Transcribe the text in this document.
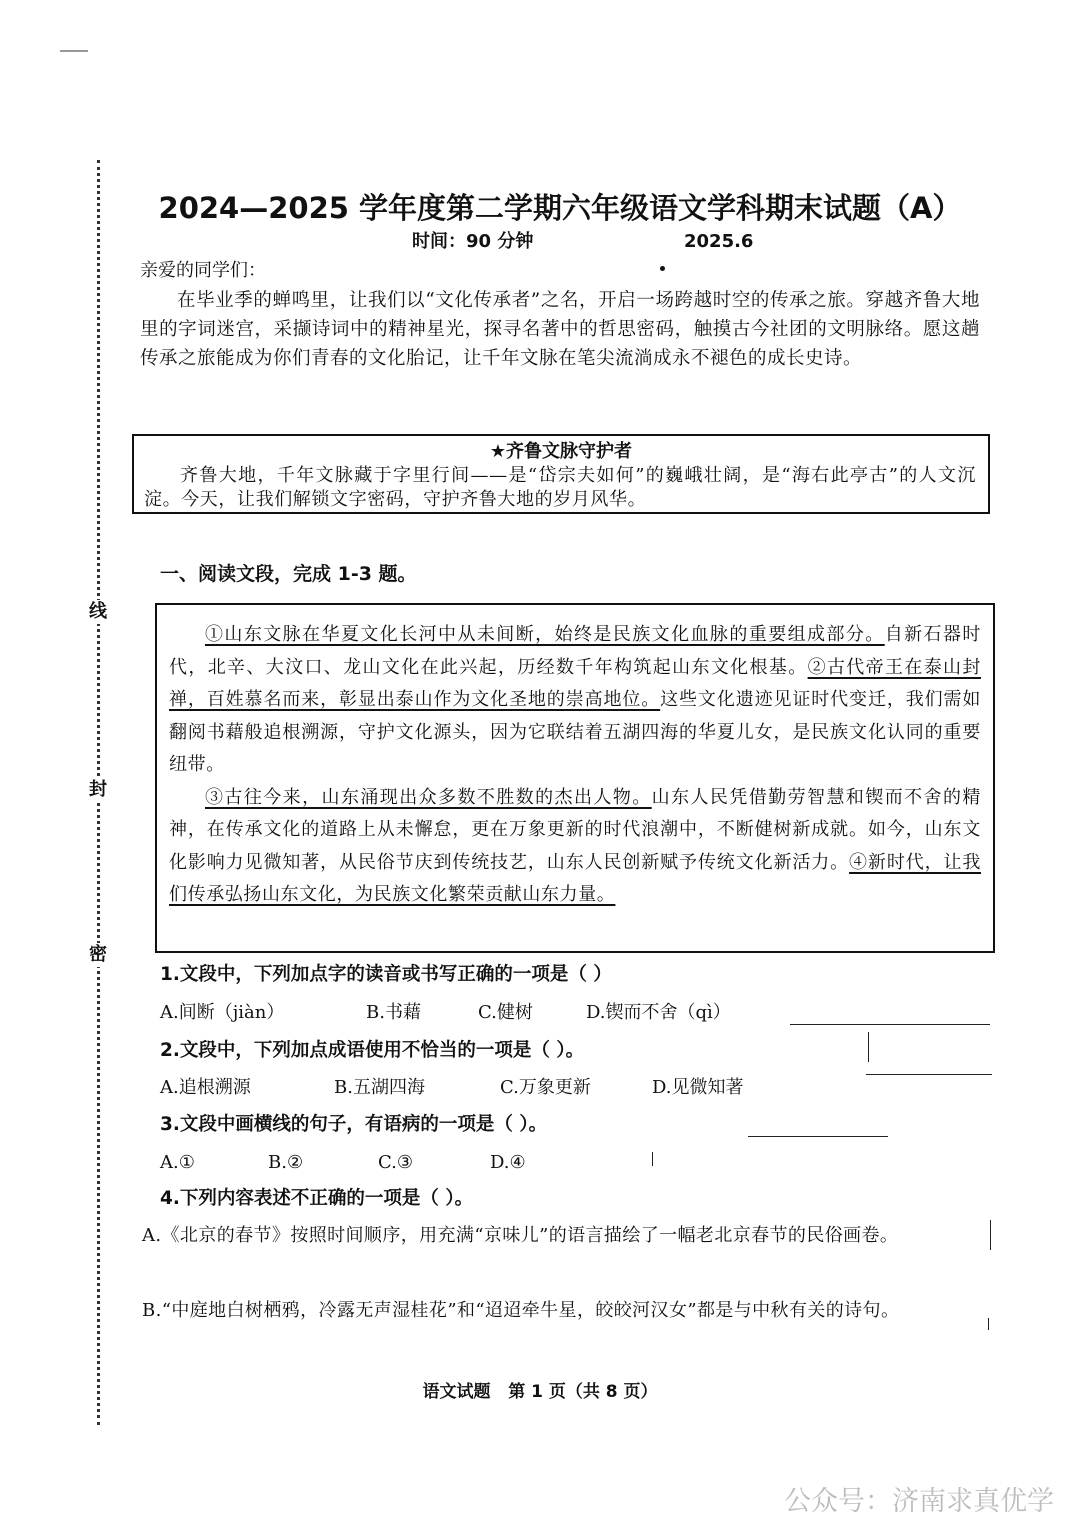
线
封
密
2024—2025 学年度第二学期六年级语文学科期末试题（A）
时间：90 分钟	2025.6
亲爱的同学们：
在毕业季的蝉鸣里，让我们以“文化传承者”之名，开启一场跨越时空的传承之旅。穿越齐鲁大地里的字词迷宫，采撷诗词中的精神星光，探寻名著中的哲思密码，触摸古今社团的文明脉络。愿这趟传承之旅能成为你们青春的文化胎记，让千年文脉在笔尖流淌成永不褪色的成长史诗。
★齐鲁文脉守护者
齐鲁大地，千年文脉藏于字里行间——是“岱宗夫如何”的巍峨壮阔，是“海右此亭古”的人文沉淀。今天，让我们解锁文字密码，守护齐鲁大地的岁月风华。
一、阅读文段，完成 1-3 题。

①山东文脉在华夏文化长河中从未间断，始终是民族文化血脉的重要组成部分。自新石器时代，北辛、大汶口、龙山文化在此兴起，历经数千年构筑起山东文化根基。②古代帝王在泰山封禅，百姓慕名而来，彰显出泰山作为文化圣地的崇高地位。这些文化遗迹见证时代变迁，我们需如翻阅书藉般追根溯源，守护文化源头，因为它联结着五湖四海的华夏儿女，是民族文化认同的重要纽带。

③古往今来，山东涌现出众多数不胜数的杰出人物。山东人民凭借勤劳智慧和锲而不舍的精神，在传承文化的道路上从未懈怠，更在万象更新的时代浪潮中，不断健树新成就。如今，山东文化影响力见微知著，从民俗节庆到传统技艺，山东人民创新赋予传统文化新活力。④新时代，让我们传承弘扬山东文化，为民族文化繁荣贡献山东力量。

1.文段中，下列加点字的读音或书写正确的一项是（ ）
A.间断（jiàn）	B.书藉	C.健树	D.锲而不舍（qì）
2.文段中，下列加点成语使用不恰当的一项是（ ）。
A.追根溯源	B.五湖四海	C.万象更新	D.见微知著
3.文段中画横线的句子，有语病的一项是（ ）。
A.①	B.②	C.③	D.④
4.下列内容表述不正确的一项是（ ）。
A.《北京的春节》按照时间顺序，用充满“京味儿”的语言描绘了一幅老北京春节的民俗画卷。
B.“中庭地白树栖鸦，冷露无声湿桂花”和“迢迢牵牛星，皎皎河汉女”都是与中秋有关的诗句。
语文试题   第 1 页（共 8 页）
公众号：济南求真优学
